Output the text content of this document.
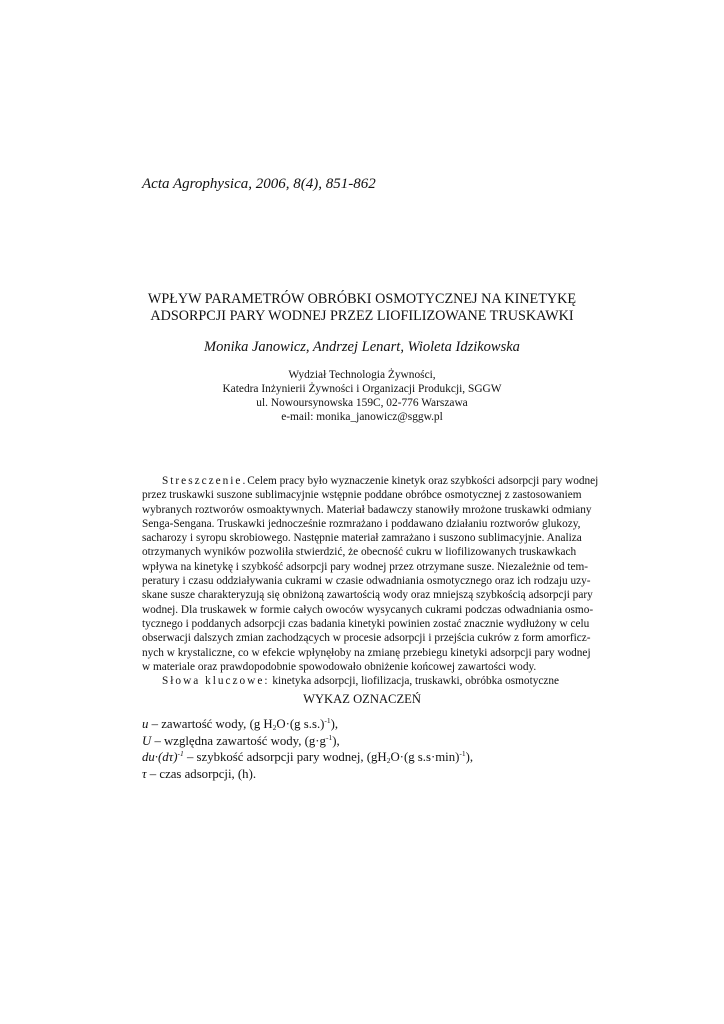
Acta Agrophysica, 2006, 8(4), 851-862
WPŁYW PARAMETRÓW OBRÓBKI OSMOTYCZNEJ NA KINETYKĘ
ADSORPCJI PARY WODNEJ PRZEZ LIOFILIZOWANE TRUSKAWKI
Monika Janowicz, Andrzej Lenart, Wioleta Idzikowska
Wydział Technologia Żywności,
Katedra Inżynierii Żywności i Organizacji Produkcji, SGGW
ul. Nowoursynowska 159C, 02-776 Warszawa
e-mail: monika_janowicz@sggw.pl
Streszczenie. Celem pracy było wyznaczenie kinetyk oraz szybkości adsorpcji pary wodnej
przez truskawki suszone sublimacyjnie wstępnie poddane obróbce osmotycznej z zastosowaniem
wybranych roztworów osmoaktywnych. Materiał badawczy stanowiły mrożone truskawki odmiany
Senga-Sengana. Truskawki jednocześnie rozmrażano i poddawano działaniu roztworów glukozy,
sacharozy i syropu skrobiowego. Następnie materiał zamrażano i suszono sublimacyjnie. Analiza
otrzymanych wyników pozwoliła stwierdzić, że obecność cukru w liofilizowanych truskawkach
wpływa na kinetykę i szybkość adsorpcji pary wodnej przez otrzymane susze. Niezależnie od tem-
peratury i czasu oddziaływania cukrami w czasie odwadniania osmotycznego oraz ich rodzaju uzy-
skane susze charakteryzują się obniżoną zawartością wody oraz mniejszą szybkością adsorpcji pary
wodnej. Dla truskawek w formie całych owoców wysycanych cukrami podczas odwadniania osmo-
tycznego i poddanych adsorpcji czas badania kinetyki powinien zostać znacznie wydłużony w celu
obserwacji dalszych zmian zachodzących w procesie adsorpcji i przejścia cukrów z form amorficz-
nych w krystaliczne, co w efekcie wpłynęłoby na zmianę przebiegu kinetyki adsorpcji pary wodnej
w materiale oraz prawdopodobnie spowodowało obniżenie końcowej zawartości wody.
Słowa kluczowe: kinetyka adsorpcji, liofilizacja, truskawki, obróbka osmotyczne
WYKAZ OZNACZEŃ
u – zawartość wody, (g $H_2O\cdot(g$ s.s.)$^{-1}$),
U – względna zawartość wody, $(g\cdot g^{-1})$,
$du\cdot(d\tau)^{-1}$ – szybkość adsorpcji pary wodnej, ($gH_2O\cdot(g$ s.s·min)$^{-1}$),
τ – czas adsorpcji, (h).
